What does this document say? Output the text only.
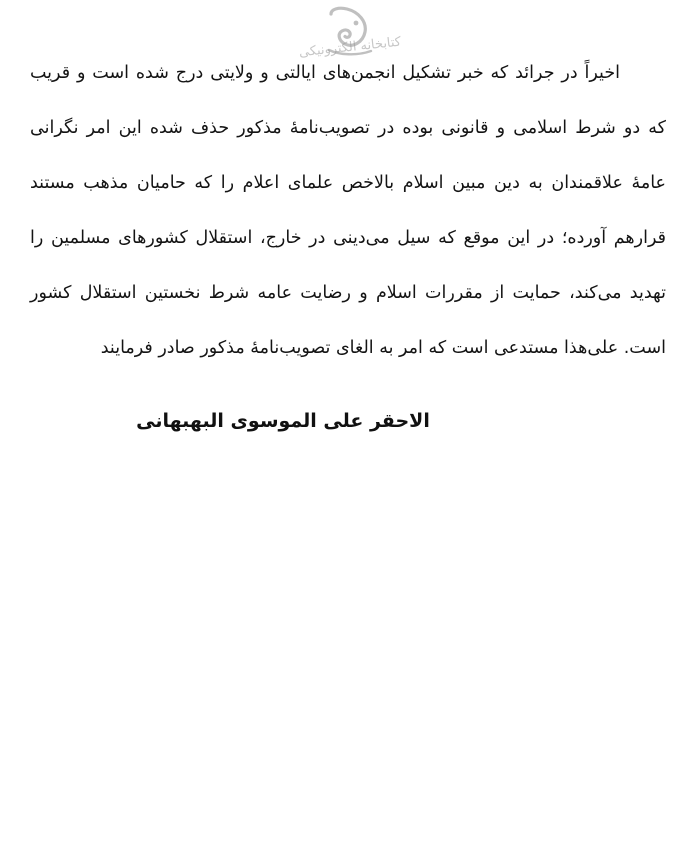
کتابخانه الکترونیکی

اخیراً در جرائد که خبر تشکیل انجمن‌های ایالتی و ولایتی درج شده است و قریب که دو شرط اسلامی و قانونی بوده در تصویب‌نامهٔ مذکور حذف شده این امر نگرانی عامهٔ علاقمندان به دین مبین اسلام بالاخص علمای اعلام را که حامیان مذهب مستند قرارهم آورده؛ در این موقع که سیل می‌دینی در خارج، استقلال کشورهای مسلمین را تهدید می‌کند، حمایت از مقررات اسلام و رضایت عامه شرط نخستین استقلال کشور است. علی‌هذا مستدعی است که امر به الغای تصویب‌نامهٔ مذکور صادر فرمایند

الاحقر علی الموسوی البهبهانی
